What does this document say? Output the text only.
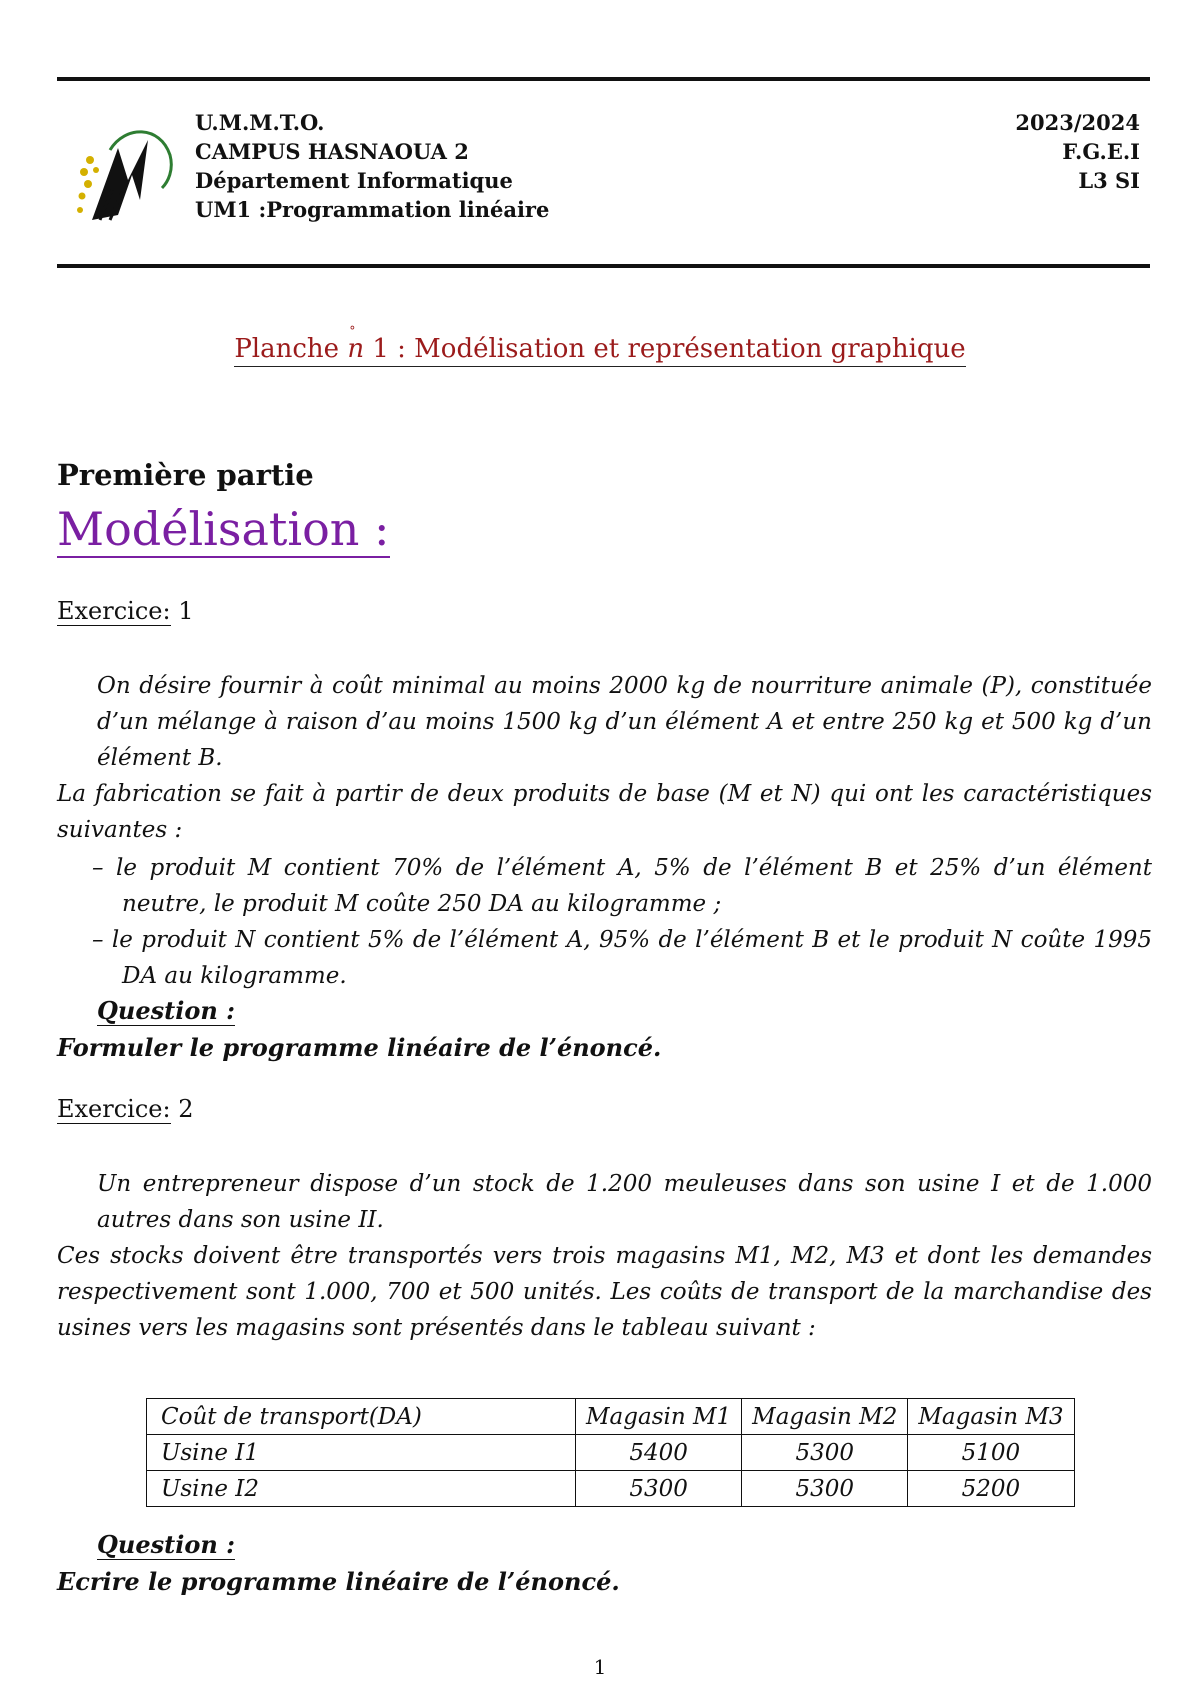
U.M.M.T.O.
CAMPUS HASNAOUA 2
Département Informatique
UM1 :Programmation linéaire
2023/2024
F.G.E.I
L3 SI
Planche n
°
1 : Modélisation et représentation graphique
Première partie
Modélisation :
Exercice: 1
On désire fournir à coût minimal au moins 2000 kg de nourriture animale (P), constituée d’un mélange à raison d’au moins 1500 kg d’un élément A et entre 250 kg et 500 kg d’un élément B.
La fabrication se fait à partir de deux produits de base (M et N) qui ont les caractéristiques suivantes :
– le produit M contient 70% de l’élément A, 5% de l’élément B et 25% d’un élément neutre, le produit M coûte 250 DA au kilogramme ;
– le produit N contient 5% de l’élément A, 95% de l’élément B et le produit N coûte 1995 DA au kilogramme.
Question :
Formuler le programme linéaire de l’énoncé.
Exercice: 2
Un entrepreneur dispose d’un stock de 1.200 meuleuses dans son usine I et de 1.000 autres dans son usine II.
Ces stocks doivent être transportés vers trois magasins M1, M2, M3 et dont les demandes respectivement sont 1.000, 700 et 500 unités. Les coûts de transport de la marchandise des usines vers les magasins sont présentés dans le tableau suivant :
Coût de transport(DA)	Magasin M1	Magasin M2	Magasin M3
Usine I1	5400	5300	5100
Usine I2	5300	5300	5200
Question :
Ecrire le programme linéaire de l’énoncé.
1
